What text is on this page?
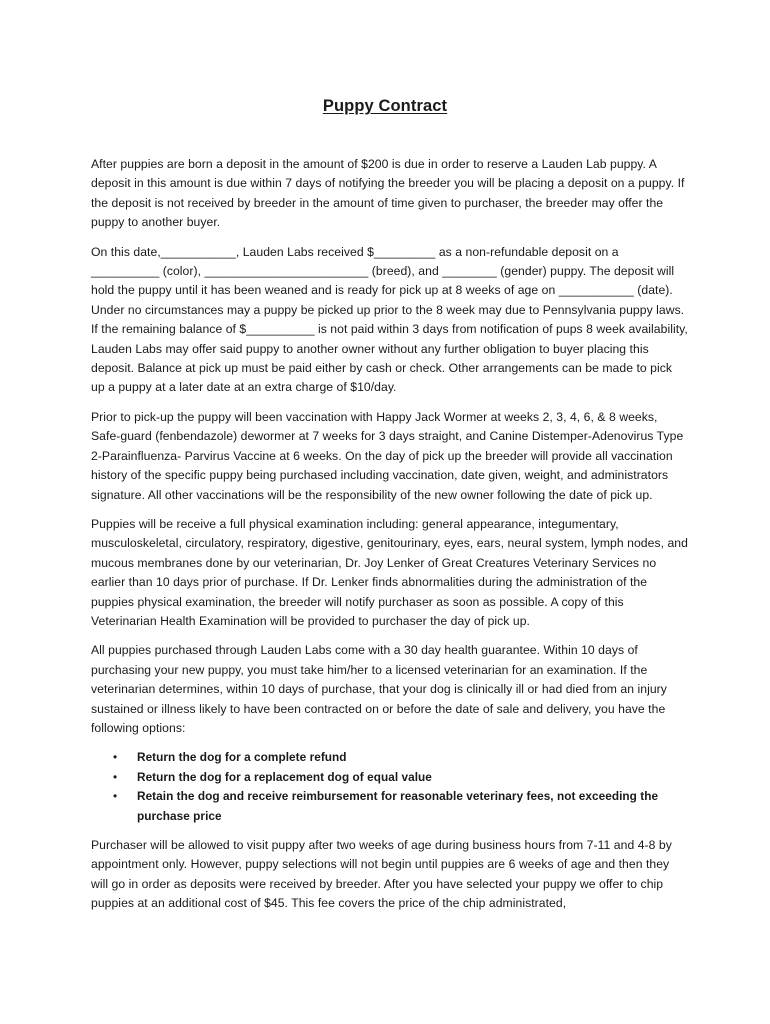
Puppy Contract

After puppies are born a deposit in the amount of $200 is due in order to reserve a Lauden Lab puppy. A deposit in this amount is due within 7 days of notifying the breeder you will be placing a deposit on a puppy. If the deposit is not received by breeder in the amount of time given to purchaser, the breeder may offer the puppy to another buyer.

On this date,___________, Lauden Labs received $_________ as a non-refundable deposit on a __________ (color), ________________________ (breed), and ________ (gender) puppy. The deposit will hold the puppy until it has been weaned and is ready for pick up at 8 weeks of age on ___________ (date). Under no circumstances may a puppy be picked up prior to the 8 week may due to Pennsylvania puppy laws. If the remaining balance of $__________ is not paid within 3 days from notification of pups 8 week availability, Lauden Labs may offer said puppy to another owner without any further obligation to buyer placing this deposit. Balance at pick up must be paid either by cash or check. Other arrangements can be made to pick up a puppy at a later date at an extra charge of $10/day.

Prior to pick-up the puppy will been vaccination with Happy Jack Wormer at weeks 2, 3, 4, 6, & 8 weeks, Safe-guard (fenbendazole) dewormer at 7 weeks for 3 days straight, and Canine Distemper-Adenovirus Type 2-Parainfluenza- Parvirus Vaccine at 6 weeks. On the day of pick up the breeder will provide all vaccination history of the specific puppy being purchased including vaccination, date given, weight, and administrators signature. All other vaccinations will be the responsibility of the new owner following the date of pick up.

Puppies will be receive a full physical examination including: general appearance, integumentary, musculoskeletal, circulatory, respiratory, digestive, genitourinary, eyes, ears, neural system, lymph nodes, and mucous membranes done by our veterinarian, Dr. Joy Lenker of Great Creatures Veterinary Services no earlier than 10 days prior of purchase. If Dr. Lenker finds abnormalities during the administration of the puppies physical examination, the breeder will notify purchaser as soon as possible. A copy of this Veterinarian Health Examination will be provided to purchaser the day of pick up.

All puppies purchased through Lauden Labs come with a 30 day health guarantee. Within 10 days of purchasing your new puppy, you must take him/her to a licensed veterinarian for an examination. If the veterinarian determines, within 10 days of purchase, that your dog is clinically ill or had died from an injury sustained or illness likely to have been contracted on or before the date of sale and delivery, you have the following options:

• Return the dog for a complete refund
• Return the dog for a replacement dog of equal value
• Retain the dog and receive reimbursement for reasonable veterinary fees, not exceeding the purchase price

Purchaser will be allowed to visit puppy after two weeks of age during business hours from 7-11 and 4-8 by appointment only. However, puppy selections will not begin until puppies are 6 weeks of age and then they will go in order as deposits were received by breeder. After you have selected your puppy we offer to chip puppies at an additional cost of $45. This fee covers the price of the chip administrated,
